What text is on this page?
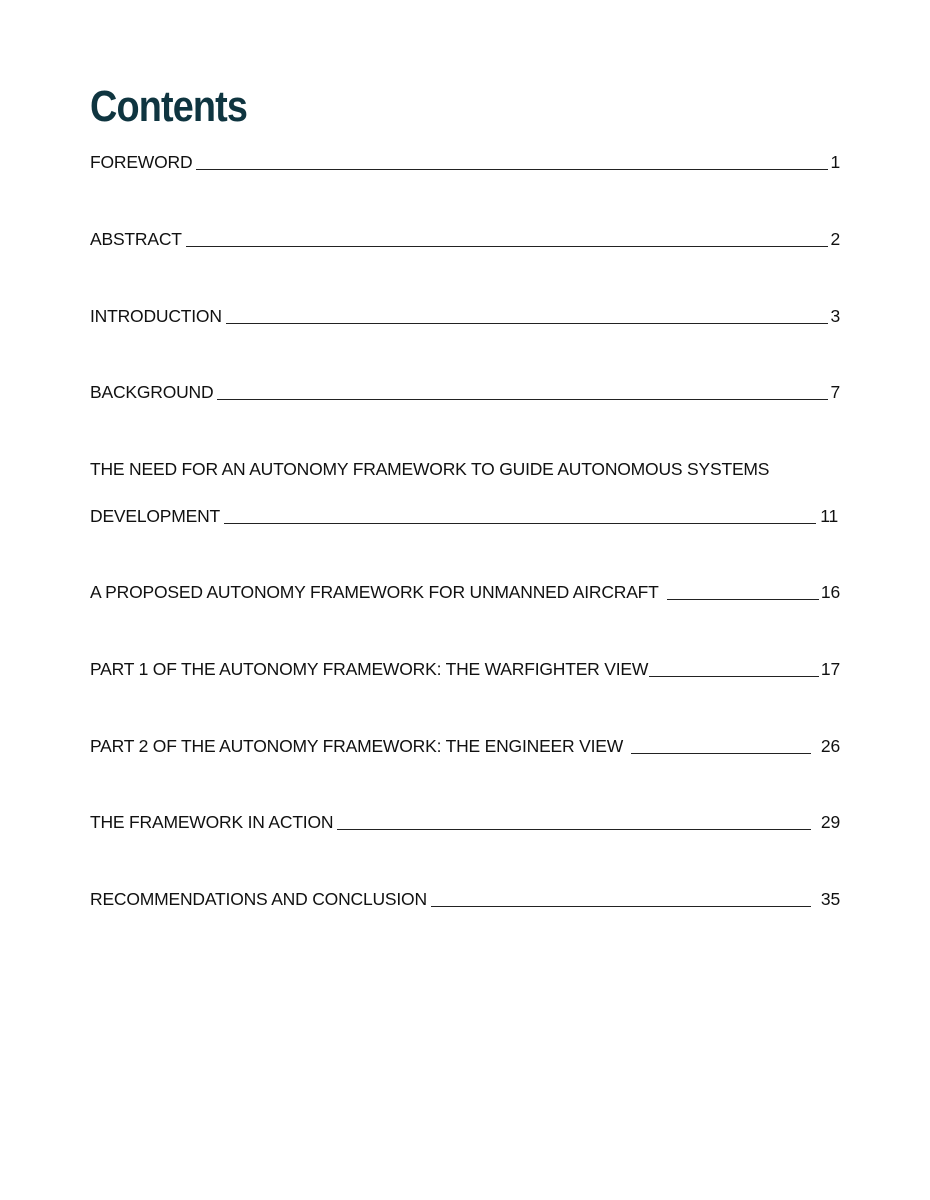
Contents
FOREWORD	1
ABSTRACT	2
INTRODUCTION	3
BACKGROUND	7
THE NEED FOR AN AUTONOMY FRAMEWORK TO GUIDE AUTONOMOUS SYSTEMS
DEVELOPMENT	11
A PROPOSED AUTONOMY FRAMEWORK FOR UNMANNED AIRCRAFT	16
PART 1 OF THE AUTONOMY FRAMEWORK: THE WARFIGHTER VIEW	17
PART 2 OF THE AUTONOMY FRAMEWORK: THE ENGINEER VIEW	26
THE FRAMEWORK IN ACTION	29
RECOMMENDATIONS AND CONCLUSION	35
